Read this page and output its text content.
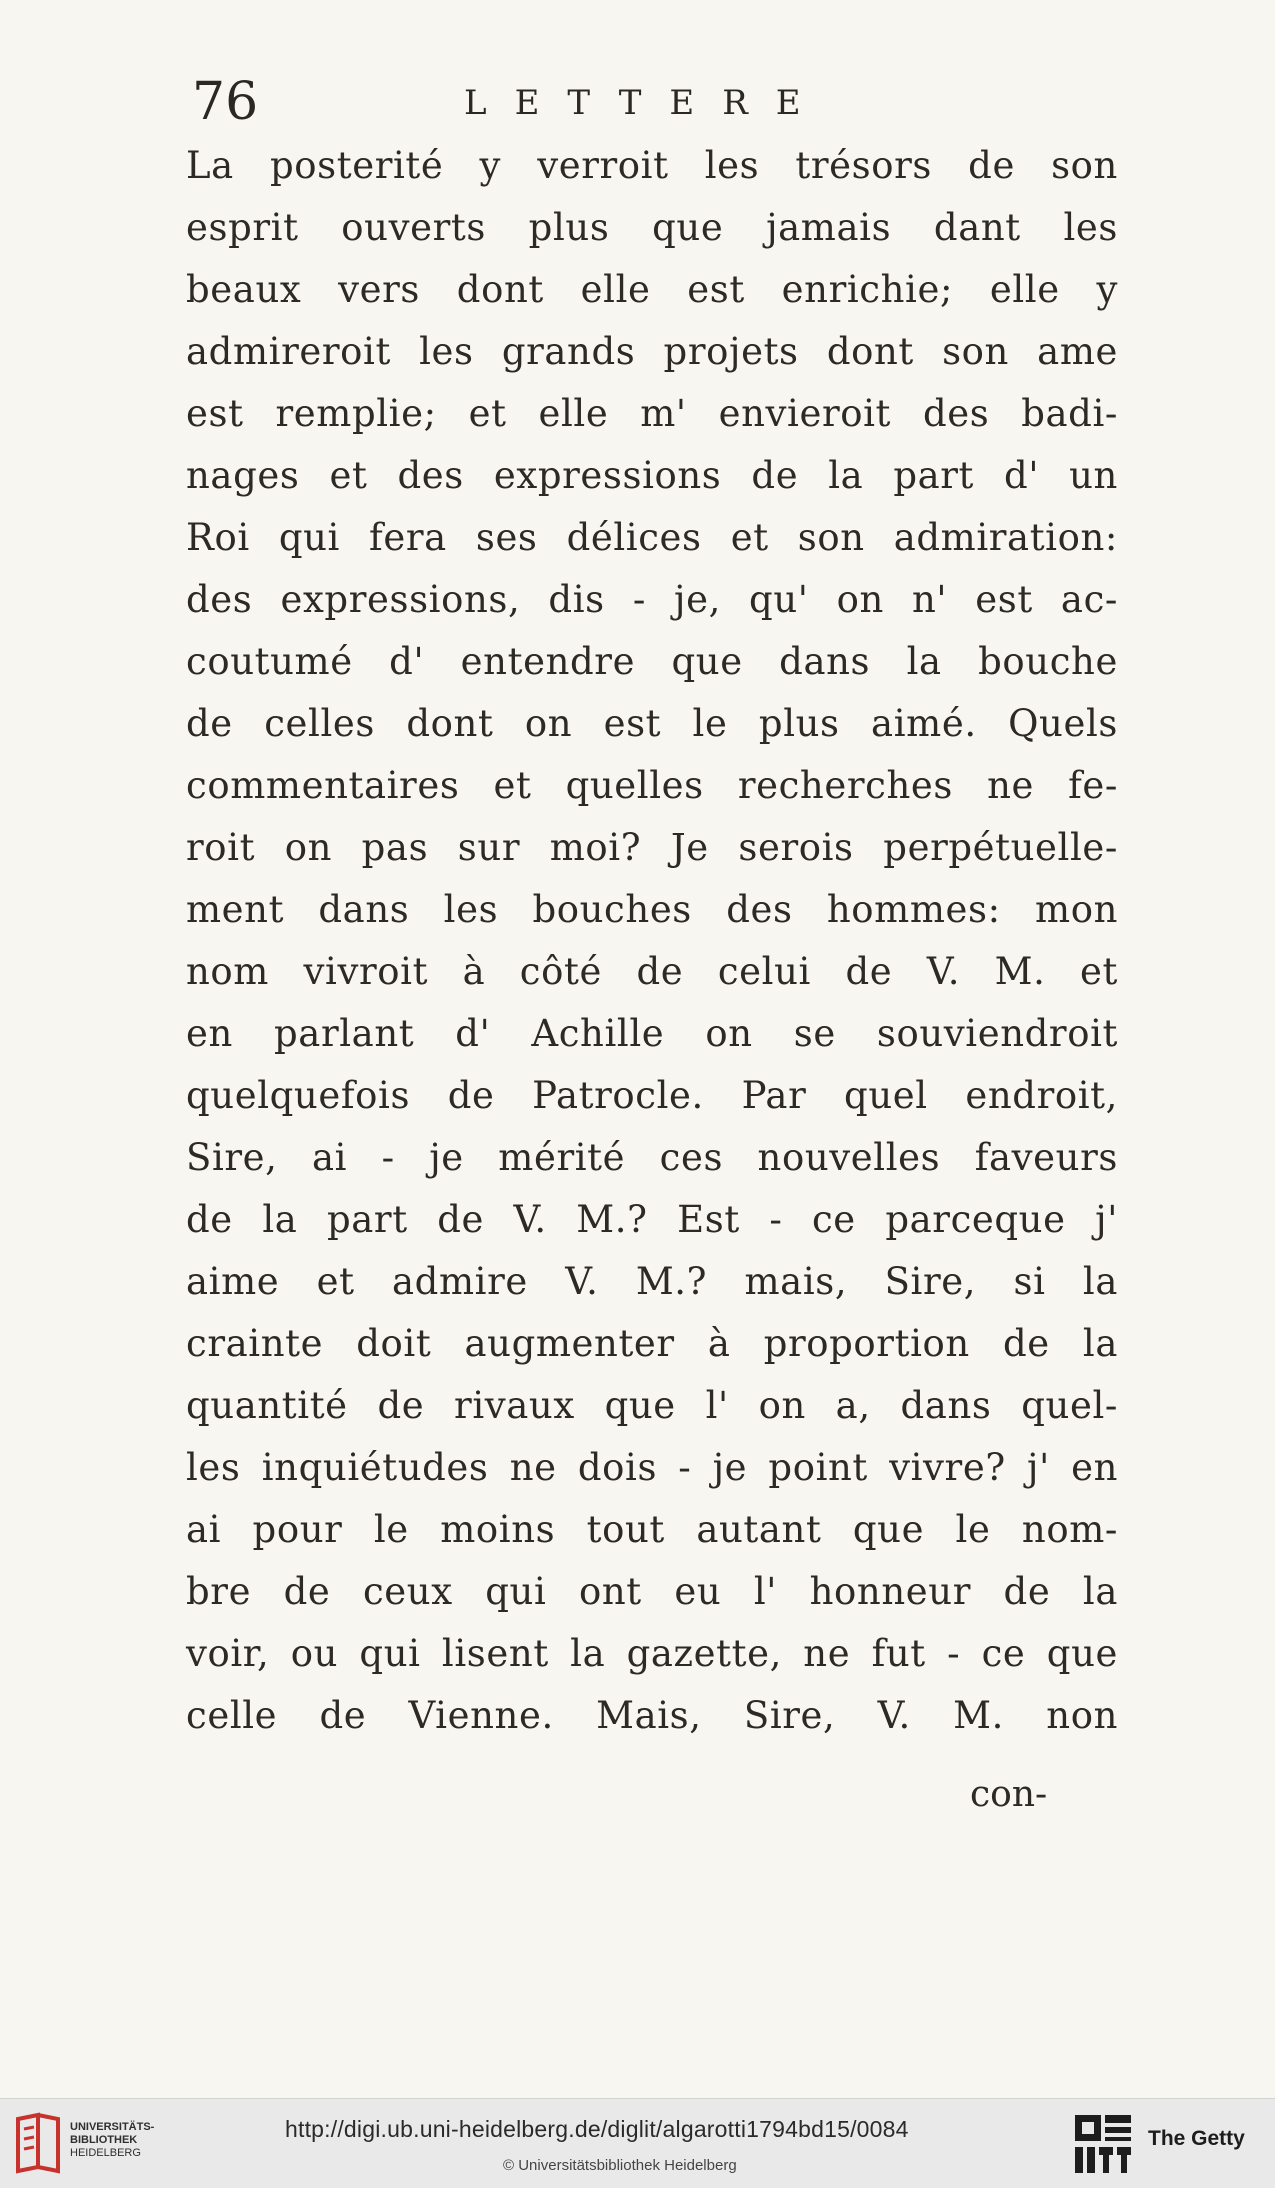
76	LETTERE
La posterité y verroit les trésors de son
esprit ouverts plus que jamais dant les
beaux vers dont elle est enrichie; elle y
admireroit les grands projets dont son ame
est remplie; et elle m' envieroit des badi-
nages et des expressions de la part d' un
Roi qui fera ses délices et son admiration:
des expressions, dis - je, qu' on n' est ac-
coutumé d' entendre que dans la bouche
de celles dont on est le plus aimé. Quels
commentaires et quelles recherches ne fe-
roit on pas sur moi? Je serois perpétuelle-
ment dans les bouches des hommes: mon
nom vivroit à côté de celui de V. M. et
en parlant d' Achille on se souviendroit
quelquefois de Patrocle. Par quel endroit,
Sire, ai - je mérité ces nouvelles faveurs
de la part de V. M.? Est - ce parceque j'
aime et admire V. M.? mais, Sire, si la
crainte doit augmenter à proportion de la
quantité de rivaux que l' on a, dans quel-
les inquiétudes ne dois - je point vivre? j' en
ai pour le moins tout autant que le nom-
bre de ceux qui ont eu l' honneur de la
voir, ou qui lisent la gazette, ne fut - ce que
celle de Vienne. Mais, Sire, V. M. non
con-
UNIVERSITÄTS-
BIBLIOTHEK
HEIDELBERG
http://digi.ub.uni-heidelberg.de/diglit/algarotti1794bd15/0084
© Universitätsbibliothek Heidelberg
The Getty
